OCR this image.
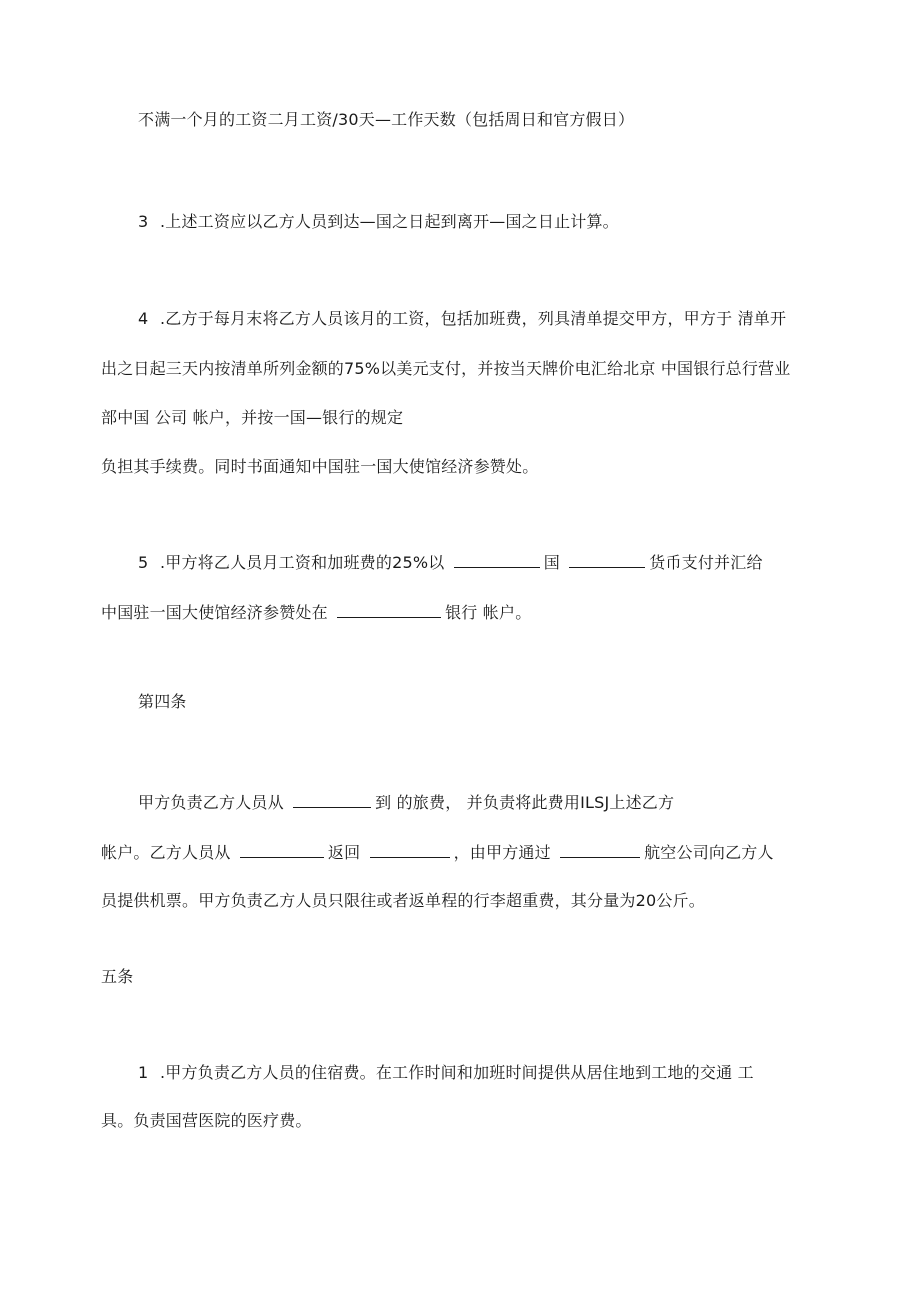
不满一个月的工资二月工资/30天—工作天数（包括周日和官方假日）
3 .上述工资应以乙方人员到达—国之日起到离开—国之日止计算。
4 .乙方于每月末将乙方人员该月的工资，包括加班费，列具清单提交甲方，甲方于 清单开
出之日起三天内按清单所列金额的75%以美元支付，并按当天牌价电汇给北京 中国银行总行营业
部中国 公司 帐户，并按一国—银行的规定
负担其手续费。同时书面通知中国驻一国大使馆经济参赞处。
5 .甲方将乙人员月工资和加班费的25%以	国	货币支付并汇给
中国驻一国大使馆经济参赞处在	银行 帐户。
第四条
甲方负责乙方人员从	到 的旅费， 并负责将此费用ILSJ上述乙方
帐户。乙方人员从	返回	，由甲方通过	航空公司向乙方人
员提供机票。甲方负责乙方人员只限往或者返单程的行李超重费，其分量为20公斤。
五条
1 .甲方负责乙方人员的住宿费。在工作时间和加班时间提供从居住地到工地的交通 工
具。负责国营医院的医疗费。
